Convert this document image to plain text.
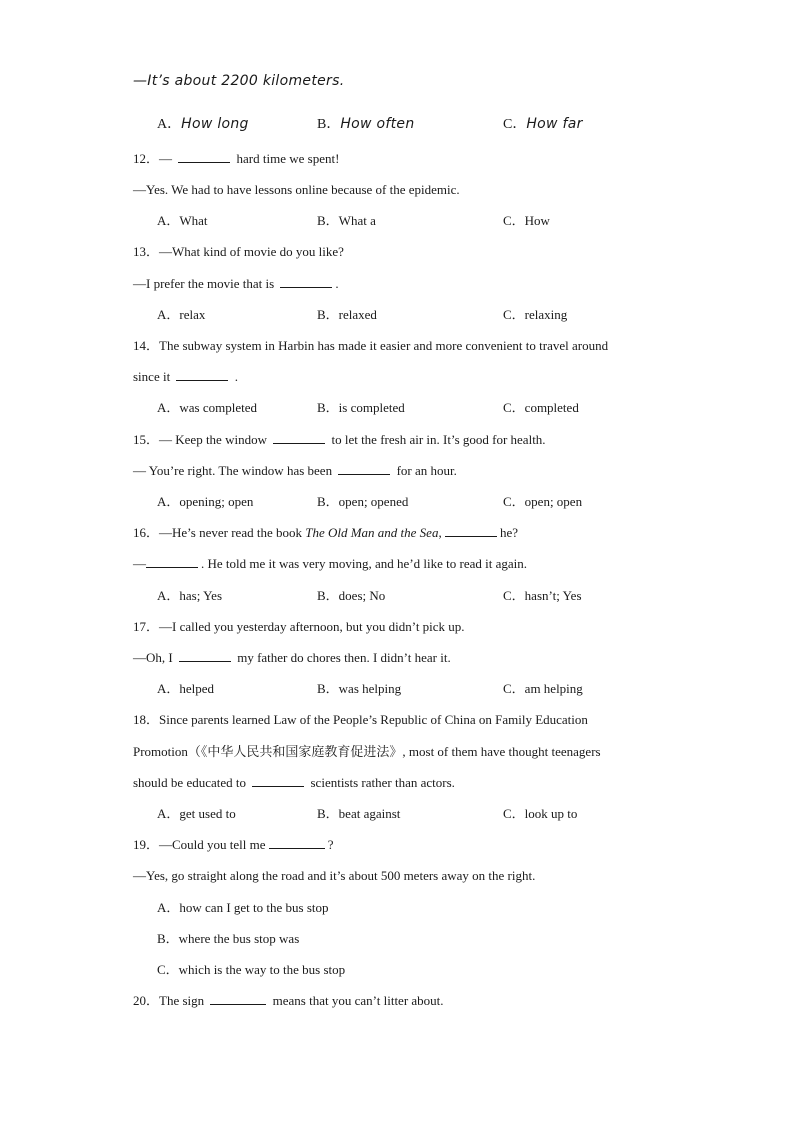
—It’s about 2200 kilometers.
A．How long	B．How often	C．How far
12．—	hard time we spent!
—Yes. We had to have lessons online because of the epidemic.
A．What	B．What a	C．How
13．—What kind of movie do you like?
—I prefer the movie that is	.
A．relax	B．relaxed	C．relaxing
14．The subway system in Harbin has made it easier and more convenient to travel around
since it	.
A．was completed	B．is completed	C．completed
15．— Keep the window	to let the fresh air in. It’s good for health.
— You’re right. The window has been	for an hour.
A．opening; open	B．open; opened	C．open; open
16．—He’s never read the book The Old Man and the Sea,	he?
—	. He told me it was very moving, and he’d like to read it again.
A．has; Yes	B．does; No	C．hasn’t; Yes
17．—I called you yesterday afternoon, but you didn’t pick up.
—Oh, I	my father do chores then. I didn’t hear it.
A．helped	B．was helping	C．am helping
18．Since parents learned Law of the People’s Republic of China on Family Education
Promotion（《中华人民共和国家庭教育促进法》, most of them have thought teenagers
should be educated to	scientists rather than actors.
A．get used to	B．beat against	C．look up to
19．—Could you tell me	?
—Yes, go straight along the road and it’s about 500 meters away on the right.
A．how can I get to the bus stop
B．where the bus stop was
C．which is the way to the bus stop
20．The sign	means that you can’t litter about.
